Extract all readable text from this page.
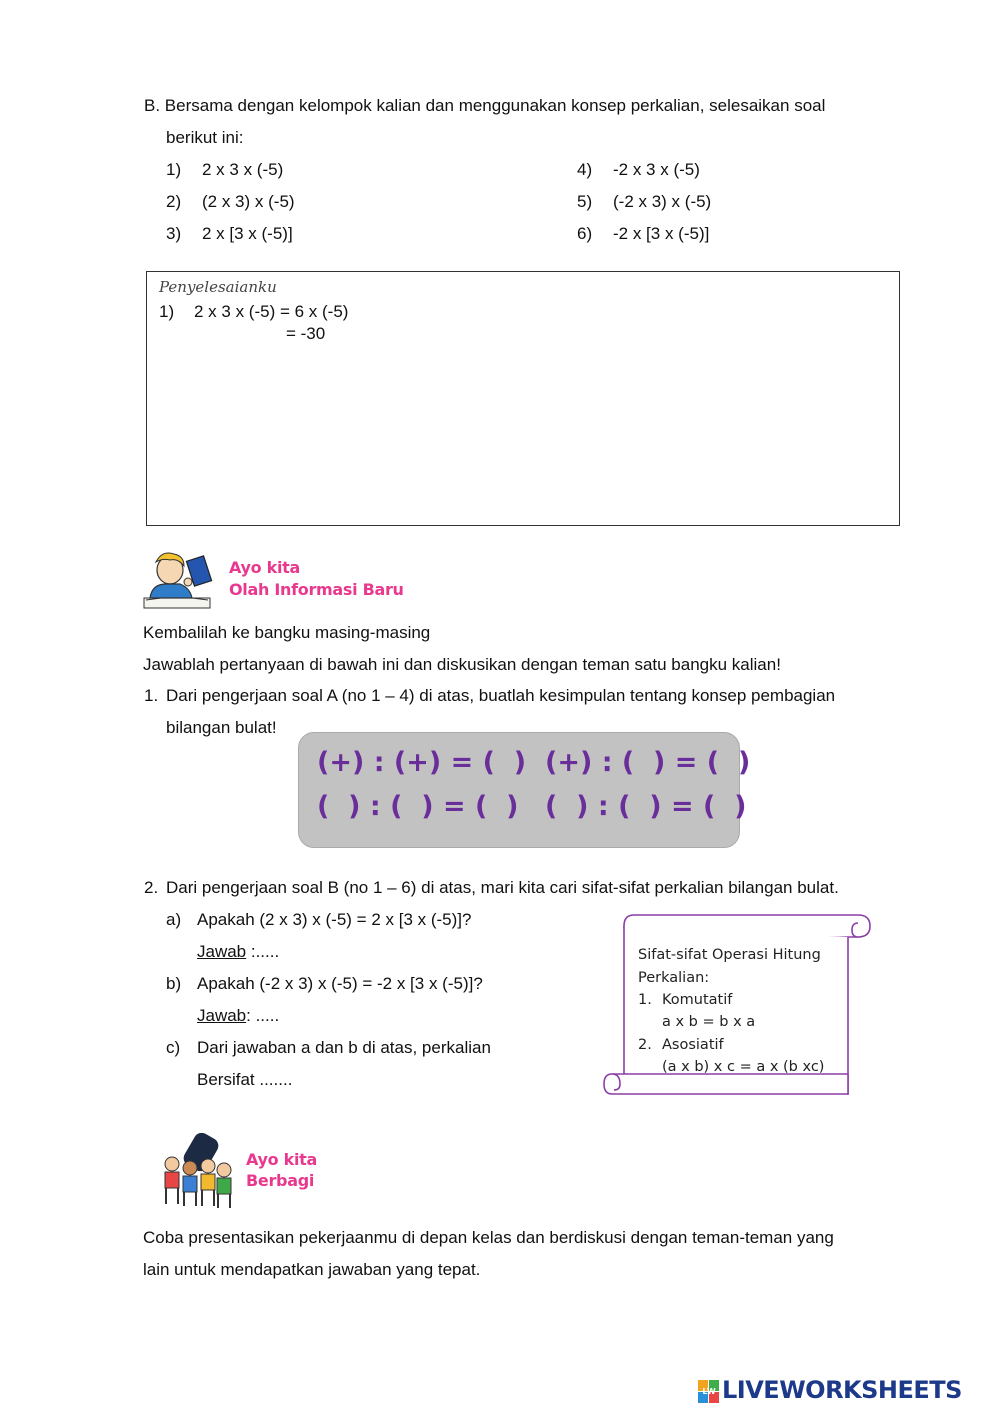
B. Bersama dengan kelompok kalian dan menggunakan konsep perkalian, selesaikan soal
berikut ini:
1) 2 x 3 x (-5)
2) (2 x 3) x (-5)
3) 2 x [3 x (-5)]
4) -2 x 3 x (-5)
5) (-2 x 3) x (-5)
6) -2 x [3 x (-5)]
Penyelesaianku
1) 2 x 3 x (-5) = 6 x (-5)
= -30
Ayo kita
Olah Informasi Baru
Kembalilah ke bangku masing-masing
Jawablah pertanyaan di bawah ini dan diskusikan dengan teman satu bangku kalian!
1. Dari pengerjaan soal A (no 1 – 4) di atas, buatlah kesimpulan tentang konsep pembagian
bilangan bulat!
(+) : (+) = (  ) (+) : (  ) = (  )
(  ) : (  ) = (  ) (  ) : (  ) = (  )
2. Dari pengerjaan soal B (no 1 – 6) di atas, mari kita cari sifat-sifat perkalian bilangan bulat.
a) Apakah (2 x 3) x (-5) = 2 x [3 x (-5)]?
Jawab :.....
b) Apakah (-2 x 3) x (-5) = -2 x [3 x (-5)]?
Jawab: .....
c) Dari jawaban a dan b di atas, perkalian
Bersifat .......
Sifat-sifat Operasi Hitung
Perkalian:
1. Komutatif
a x b = b x a
2. Asosiatif
(a x b) x c = a x (b xc)
Ayo kita
Berbagi
Coba presentasikan pekerjaanmu di depan kelas dan berdiskusi dengan teman-teman yang
lain untuk mendapatkan jawaban yang tepat.
LW LIVEWORKSHEETS
